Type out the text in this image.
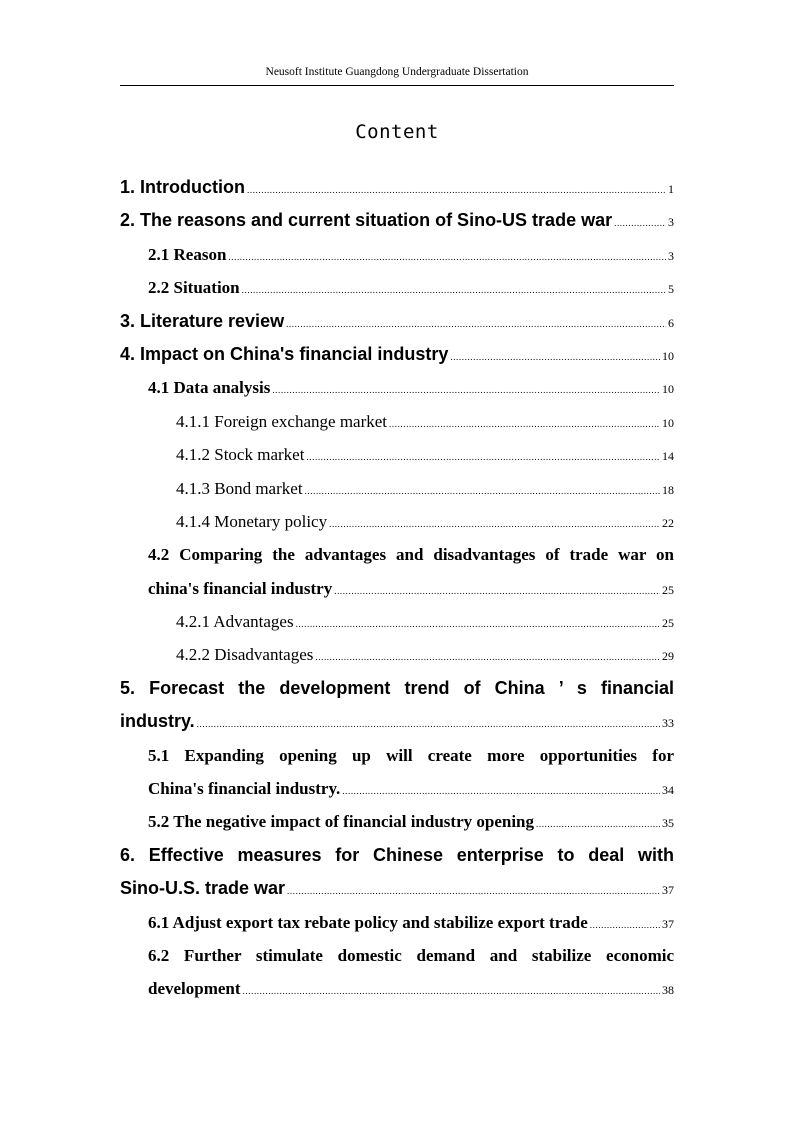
Neusoft Institute Guangdong Undergraduate Dissertation
Content
1. Introduction .....	1
2. The reasons and current situation of Sino-US trade war .....	3
2.1 Reason .....	3
2.2 Situation .....	5
3. Literature review .....	6
4. Impact on China's financial industry .....	10
4.1 Data analysis .....	10
4.1.1 Foreign exchange market .....	10
4.1.2 Stock market .....	14
4.1.3 Bond market .....	18
4.1.4 Monetary policy .....	22
4.2 Comparing the advantages and disadvantages of trade war on
china's financial industry .....	25
4.2.1 Advantages .....	25
4.2.2 Disadvantages .....	29
5. Forecast the development trend of China ’ s financial
industry. .....	33
5.1 Expanding opening up will create more opportunities for
China's financial industry. .....	34
5.2 The negative impact of financial industry opening .....	35
6. Effective measures for Chinese enterprise to deal with
Sino-U.S. trade war .....	37
6.1 Adjust export tax rebate policy and stabilize export trade .....	37
6.2 Further stimulate domestic demand and stabilize economic
development .....	38
